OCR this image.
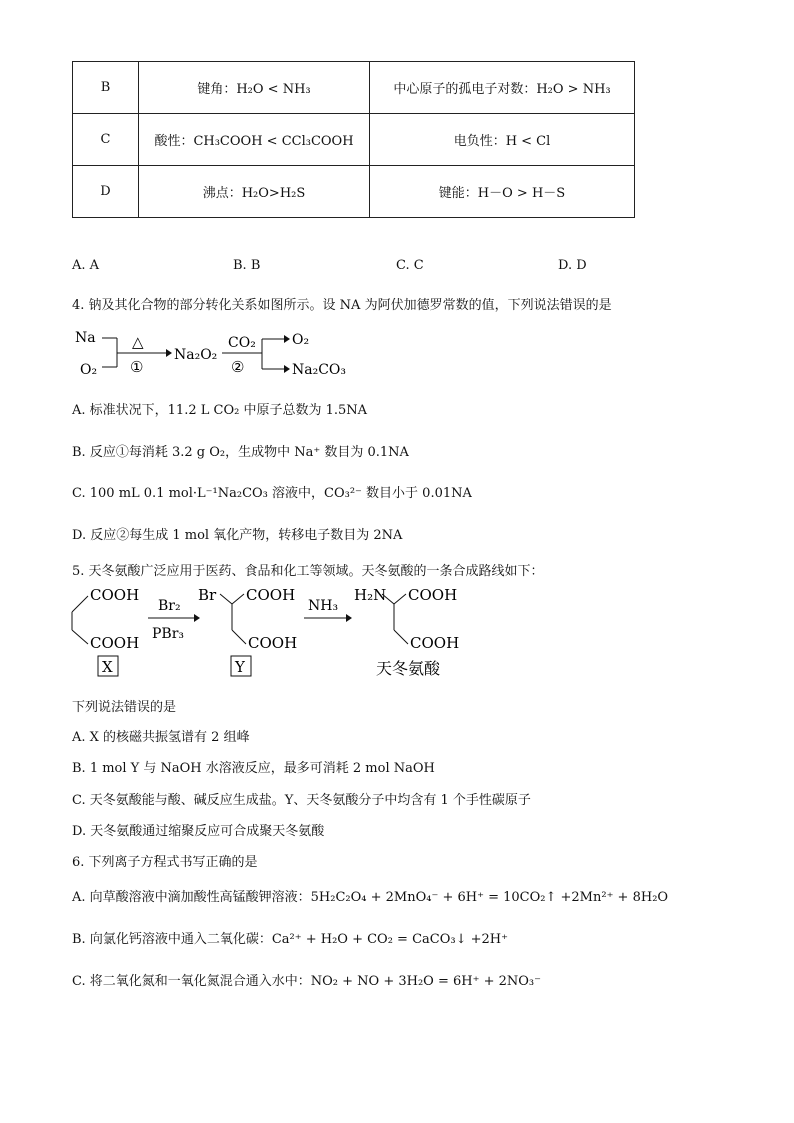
B	键角：H₂O < NH₃	中心原子的孤电子对数：H₂O > NH₃
C	酸性：CH₃COOH < CCl₃COOH	电负性：H < Cl
D	沸点：H₂O>H₂S	键能：H－O > H－S
A. A	B. B	C. C	D. D
4. 钠及其化合物的部分转化关系如图所示。设 NA 为阿伏加德罗常数的值，下列说法错误的是
Na
O₂
△
①
Na₂O₂
CO₂
②
O₂
Na₂CO₃
A. 标准状况下，11.2 L CO₂ 中原子总数为 1.5NA
B. 反应①每消耗 3.2 g O₂，生成物中 Na⁺ 数目为 0.1NA
C. 100 mL 0.1 mol·L⁻¹Na₂CO₃ 溶液中，CO₃²⁻ 数目小于 0.01NA
D. 反应②每生成 1 mol 氧化产物，转移电子数目为 2NA
5. 天冬氨酸广泛应用于医药、食品和化工等领域。天冬氨酸的一条合成路线如下：
COOH
COOH
X
Br₂
PBr₃
Br COOH
COOH
Y
NH₃
H₂N COOH
COOH
天冬氨酸
下列说法错误的是
A. X 的核磁共振氢谱有 2 组峰
B. 1 mol Y 与 NaOH 水溶液反应，最多可消耗 2 mol NaOH
C. 天冬氨酸能与酸、碱反应生成盐。Y、天冬氨酸分子中均含有 1 个手性碳原子
D. 天冬氨酸通过缩聚反应可合成聚天冬氨酸
6. 下列离子方程式书写正确的是
A. 向草酸溶液中滴加酸性高锰酸钾溶液：5H₂C₂O₄ + 2MnO₄⁻ + 6H⁺ = 10CO₂↑ +2Mn²⁺ + 8H₂O
B. 向氯化钙溶液中通入二氧化碳：Ca²⁺ + H₂O + CO₂ = CaCO₃↓ +2H⁺
C. 将二氧化氮和一氧化氮混合通入水中：NO₂ + NO + 3H₂O = 6H⁺ + 2NO₃⁻
